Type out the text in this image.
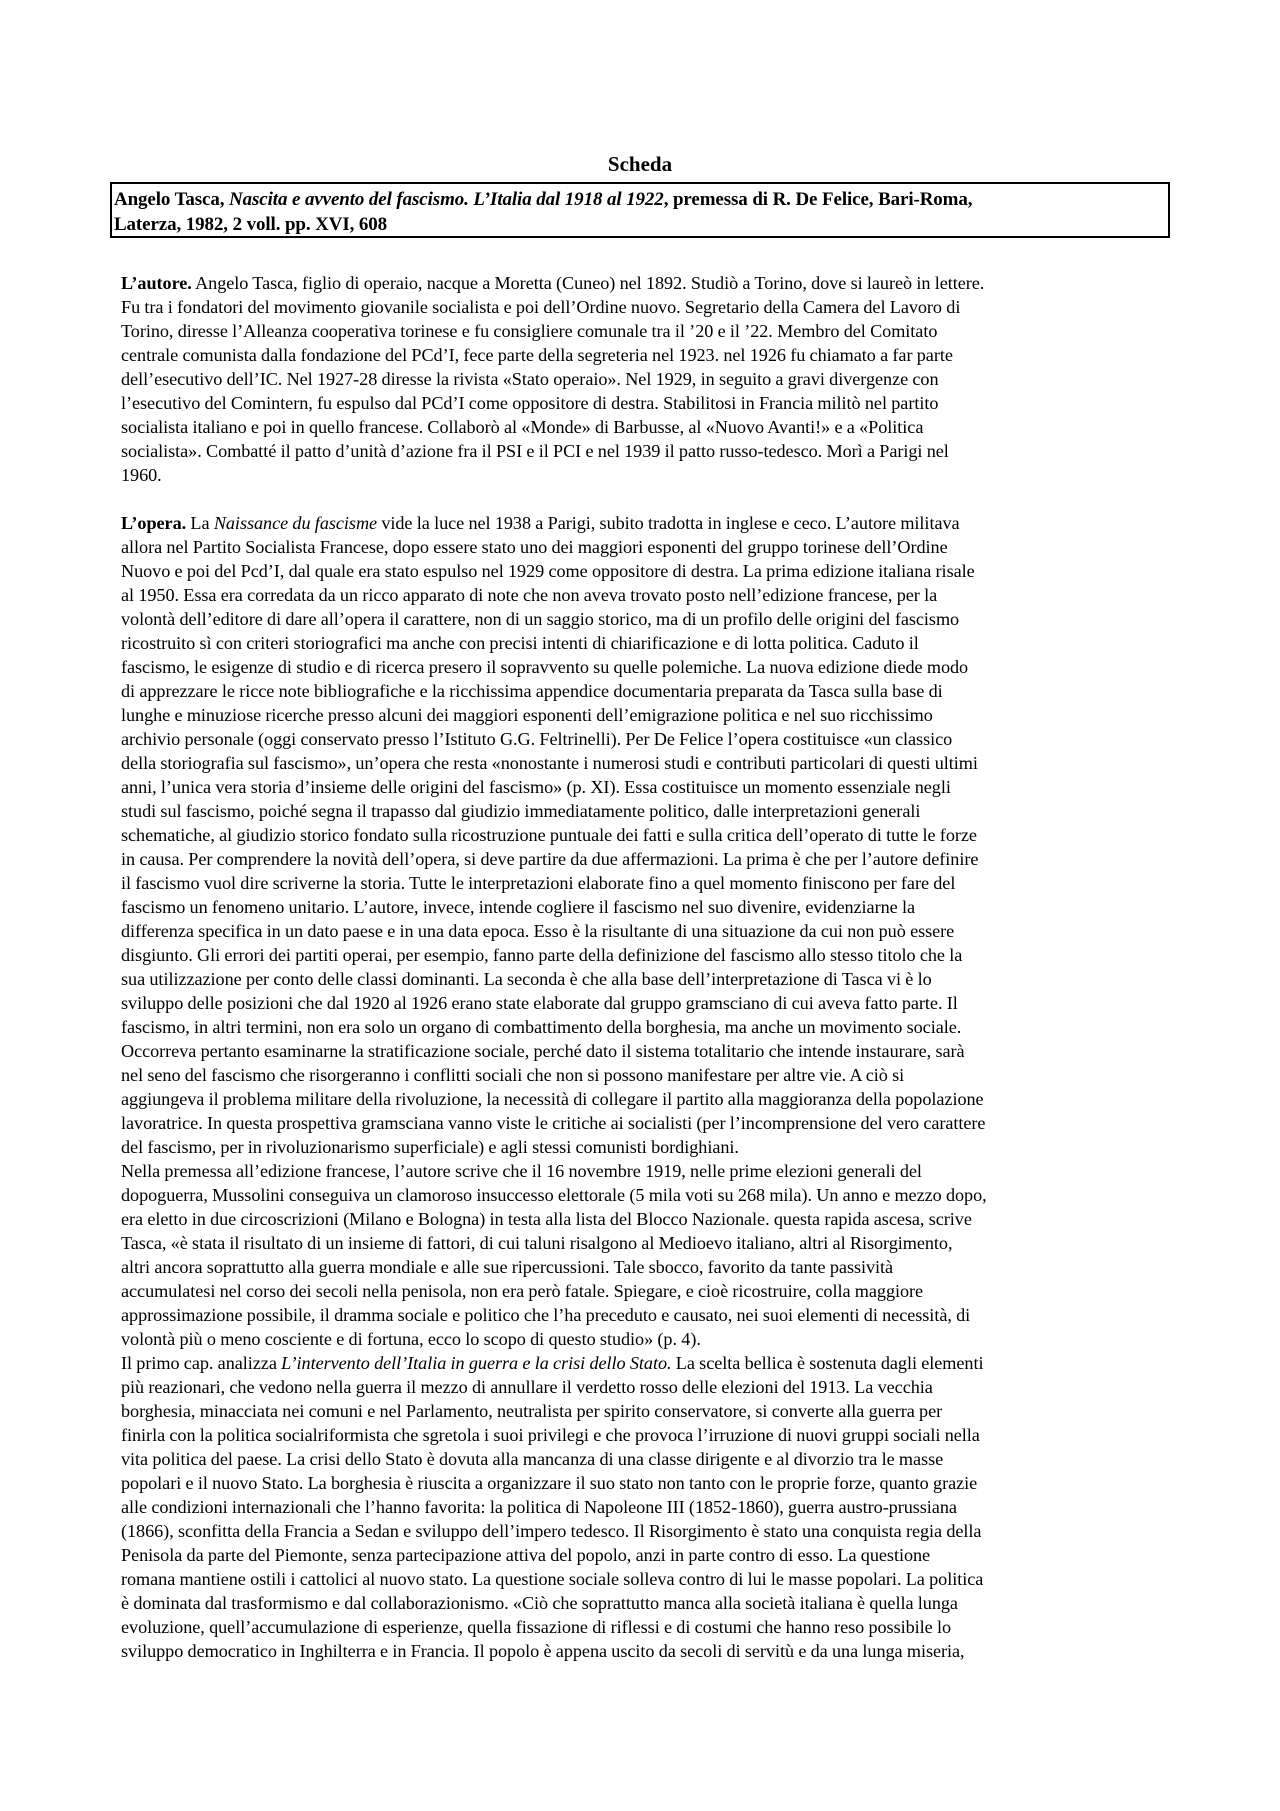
Scheda
Angelo Tasca, Nascita e avvento del fascismo. L’Italia dal 1918 al 1922, premessa di R. De Felice, Bari-Roma,
Laterza, 1982, 2 voll. pp. XVI, 608

L’autore. Angelo Tasca, figlio di operaio, nacque a Moretta (Cuneo) nel 1892. Studiò a Torino, dove si laureò in lettere.
Fu tra i fondatori del movimento giovanile socialista e poi dell’Ordine nuovo. Segretario della Camera del Lavoro di
Torino, diresse l’Alleanza cooperativa torinese e fu consigliere comunale tra il ’20 e il ’22. Membro del Comitato
centrale comunista dalla fondazione del PCd’I, fece parte della segreteria nel 1923. nel 1926 fu chiamato a far parte
dell’esecutivo dell’IC. Nel 1927-28 diresse la rivista «Stato operaio». Nel 1929, in seguito a gravi divergenze con
l’esecutivo del Comintern, fu espulso dal PCd’I come oppositore di destra. Stabilitosi in Francia militò nel partito
socialista italiano e poi in quello francese. Collaborò al «Monde» di Barbusse, al «Nuovo Avanti!» e a «Politica
socialista». Combatté il patto d’unità d’azione fra il PSI e il PCI e nel 1939 il patto russo-tedesco. Morì a Parigi nel
1960.

L’opera. La Naissance du fascisme vide la luce nel 1938 a Parigi, subito tradotta in inglese e ceco. L’autore militava
allora nel Partito Socialista Francese, dopo essere stato uno dei maggiori esponenti del gruppo torinese dell’Ordine
Nuovo e poi del Pcd’I, dal quale era stato espulso nel 1929 come oppositore di destra. La prima edizione italiana risale
al 1950. Essa era corredata da un ricco apparato di note che non aveva trovato posto nell’edizione francese, per la
volontà dell’editore di dare all’opera il carattere, non di un saggio storico, ma di un profilo delle origini del fascismo
ricostruito sì con criteri storiografici ma anche con precisi intenti di chiarificazione e di lotta politica. Caduto il
fascismo, le esigenze di studio e di ricerca presero il sopravvento su quelle polemiche. La nuova edizione diede modo
di apprezzare le ricce note bibliografiche e la ricchissima appendice documentaria preparata da Tasca sulla base di
lunghe e minuziose ricerche presso alcuni dei maggiori esponenti dell’emigrazione politica e nel suo ricchissimo
archivio personale (oggi conservato presso l’Istituto G.G. Feltrinelli). Per De Felice l’opera costituisce «un classico
della storiografia sul fascismo», un’opera che resta «nonostante i numerosi studi e contributi particolari di questi ultimi
anni, l’unica vera storia d’insieme delle origini del fascismo» (p. XI). Essa costituisce un momento essenziale negli
studi sul fascismo, poiché segna il trapasso dal giudizio immediatamente politico, dalle interpretazioni generali
schematiche, al giudizio storico fondato sulla ricostruzione puntuale dei fatti e sulla critica dell’operato di tutte le forze
in causa. Per comprendere la novità dell’opera, si deve partire da due affermazioni. La prima è che per l’autore definire
il fascismo vuol dire scriverne la storia. Tutte le interpretazioni elaborate fino a quel momento finiscono per fare del
fascismo un fenomeno unitario. L’autore, invece, intende cogliere il fascismo nel suo divenire, evidenziarne la
differenza specifica in un dato paese e in una data epoca. Esso è la risultante di una situazione da cui non può essere
disgiunto. Gli errori dei partiti operai, per esempio, fanno parte della definizione del fascismo allo stesso titolo che la
sua utilizzazione per conto delle classi dominanti. La seconda è che alla base dell’interpretazione di Tasca vi è lo
sviluppo delle posizioni che dal 1920 al 1926 erano state elaborate dal gruppo gramsciano di cui aveva fatto parte. Il
fascismo, in altri termini, non era solo un organo di combattimento della borghesia, ma anche un movimento sociale.
Occorreva pertanto esaminarne la stratificazione sociale, perché dato il sistema totalitario che intende instaurare, sarà
nel seno del fascismo che risorgeranno i conflitti sociali che non si possono manifestare per altre vie. A ciò si
aggiungeva il problema militare della rivoluzione, la necessità di collegare il partito alla maggioranza della popolazione
lavoratrice. In questa prospettiva gramsciana vanno viste le critiche ai socialisti (per l’incomprensione del vero carattere
del fascismo, per in rivoluzionarismo superficiale) e agli stessi comunisti bordighiani.

Nella premessa all’edizione francese, l’autore scrive che il 16 novembre 1919, nelle prime elezioni generali del
dopoguerra, Mussolini conseguiva un clamoroso insuccesso elettorale (5 mila voti su 268 mila). Un anno e mezzo dopo,
era eletto in due circoscrizioni (Milano e Bologna) in testa alla lista del Blocco Nazionale. questa rapida ascesa, scrive
Tasca, «è stata il risultato di un insieme di fattori, di cui taluni risalgono al Medioevo italiano, altri al Risorgimento,
altri ancora soprattutto alla guerra mondiale e alle sue ripercussioni. Tale sbocco, favorito da tante passività
accumulatesi nel corso dei secoli nella penisola, non era però fatale. Spiegare, e cioè ricostruire, colla maggiore
approssimazione possibile, il dramma sociale e politico che l’ha preceduto e causato, nei suoi elementi di necessità, di
volontà più o meno cosciente e di fortuna, ecco lo scopo di questo studio» (p. 4).

Il primo cap. analizza L’intervento dell’Italia in guerra e la crisi dello Stato. La scelta bellica è sostenuta dagli elementi
più reazionari, che vedono nella guerra il mezzo di annullare il verdetto rosso delle elezioni del 1913. La vecchia
borghesia, minacciata nei comuni e nel Parlamento, neutralista per spirito conservatore, si converte alla guerra per
finirla con la politica socialriformista che sgretola i suoi privilegi e che provoca l’irruzione di nuovi gruppi sociali nella
vita politica del paese. La crisi dello Stato è dovuta alla mancanza di una classe dirigente e al divorzio tra le masse
popolari e il nuovo Stato. La borghesia è riuscita a organizzare il suo stato non tanto con le proprie forze, quanto grazie
alle condizioni internazionali che l’hanno favorita: la politica di Napoleone III (1852-1860), guerra austro-prussiana
(1866), sconfitta della Francia a Sedan e sviluppo dell’impero tedesco. Il Risorgimento è stato una conquista regia della
Penisola da parte del Piemonte, senza partecipazione attiva del popolo, anzi in parte contro di esso. La questione
romana mantiene ostili i cattolici al nuovo stato. La questione sociale solleva contro di lui le masse popolari. La politica
è dominata dal trasformismo e dal collaborazionismo. «Ciò che soprattutto manca alla società italiana è quella lunga
evoluzione, quell’accumulazione di esperienze, quella fissazione di riflessi e di costumi che hanno reso possibile lo
sviluppo democratico in Inghilterra e in Francia. Il popolo è appena uscito da secoli di servitù e da una lunga miseria,
